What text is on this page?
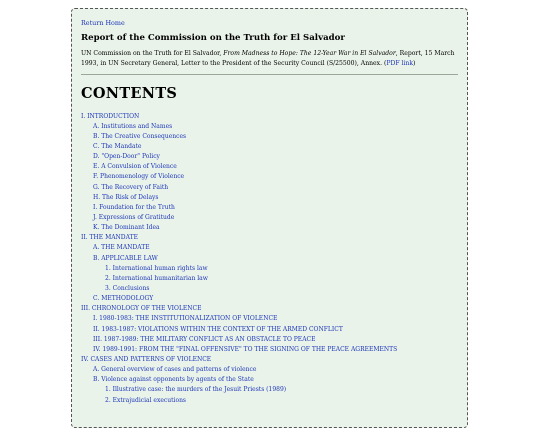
Return Home
Report of the Commission on the Truth for El Salvador
UN Commission on the Truth for El Salvador, From Madness to Hope: The 12-Year War in El Salvador, Report, 15 March 1993, in UN Secretary General, Letter to the President of the Security Council (S/25500), Annex. (PDF link)
CONTENTS
I. INTRODUCTION
A. Institutions and Names
B. The Creative Consequences
C. The Mandate
D. "Open-Door" Policy
E. A Convulsion of Violence
F. Phenomenology of Violence
G. The Recovery of Faith
H. The Risk of Delays
I. Foundation for the Truth
J. Expressions of Gratitude
K. The Dominant Idea
II. THE MANDATE
A. THE MANDATE
B. APPLICABLE LAW
1. International human rights law
2. International humanitarian law
3. Conclusions
C. METHODOLOGY
III. CHRONOLOGY OF THE VIOLENCE
I. 1980-1983: THE INSTITUTIONALIZATION OF VIOLENCE
II. 1983-1987: VIOLATIONS WITHIN THE CONTEXT OF THE ARMED CONFLICT
III. 1987-1989: THE MILITARY CONFLICT AS AN OBSTACLE TO PEACE
IV. 1989-1991: FROM THE "FINAL OFFENSIVE" TO THE SIGNING OF THE PEACE AGREEMENTS
IV. CASES AND PATTERNS OF VIOLENCE
A. General overview of cases and patterns of violence
B. Violence against opponents by agents of the State
1. Illustrative case: the murders of the Jesuit Priests (1989)
2. Extrajudicial executions
